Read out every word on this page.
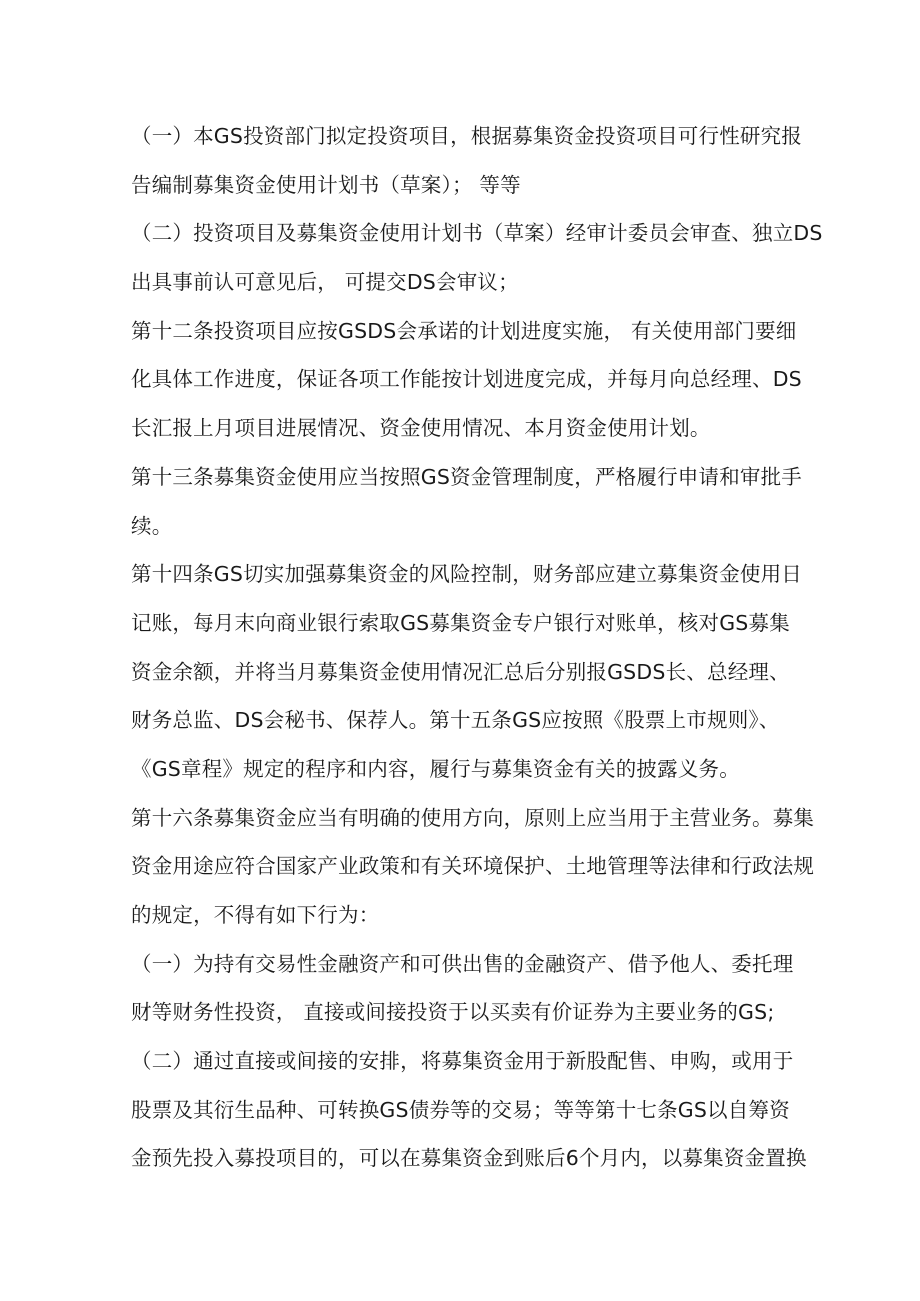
（一）本GS投资部门拟定投资项目，根据募集资金投资项目可行性研究报
告编制募集资金使用计划书（草案）； 等等
（二）投资项目及募集资金使用计划书（草案）经审计委员会审查、独立DS
出具事前认可意见后， 可提交DS会审议；
第十二条投资项目应按GSDS会承诺的计划进度实施， 有关使用部门要细
化具体工作进度，保证各项工作能按计划进度完成，并每月向总经理、DS
长汇报上月项目进展情况、资金使用情况、本月资金使用计划。
第十三条募集资金使用应当按照GS资金管理制度，严格履行申请和审批手
续。
第十四条GS切实加强募集资金的风险控制，财务部应建立募集资金使用日
记账，每月末向商业银行索取GS募集资金专户银行对账单，核对GS募集
资金余额，并将当月募集资金使用情况汇总后分别报GSDS长、总经理、
财务总监、DS会秘书、保荐人。第十五条GS应按照《股票上市规则》、
《GS章程》规定的程序和内容，履行与募集资金有关的披露义务。
第十六条募集资金应当有明确的使用方向，原则上应当用于主营业务。募集
资金用途应符合国家产业政策和有关环境保护、土地管理等法律和行政法规
的规定，不得有如下行为：
（一）为持有交易性金融资产和可供出售的金融资产、借予他人、委托理
财等财务性投资， 直接或间接投资于以买卖有价证券为主要业务的GS;
（二）通过直接或间接的安排，将募集资金用于新股配售、申购，或用于
股票及其衍生品种、可转换GS债券等的交易；等等第十七条GS以自筹资
金预先投入募投项目的，可以在募集资金到账后6个月内，以募集资金置换
